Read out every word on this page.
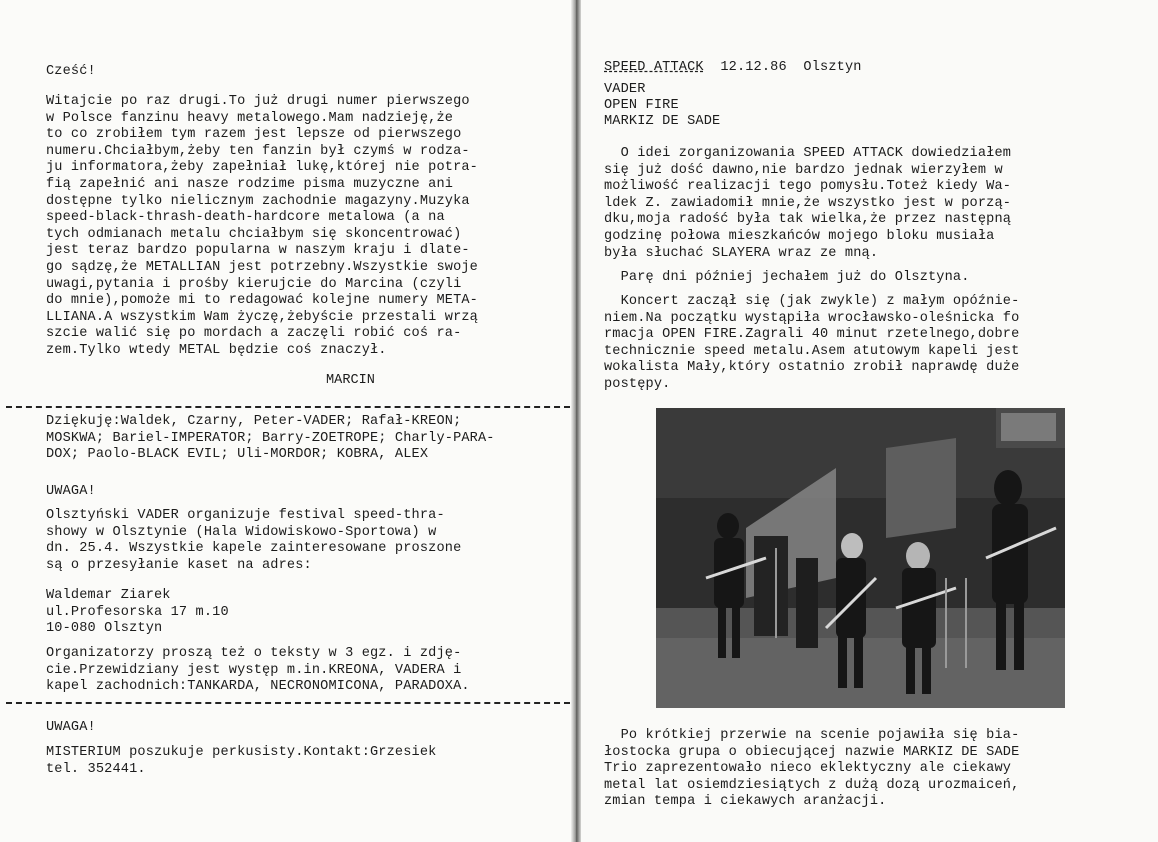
Cześć!
Witajcie po raz drugi.To już drugi numer pierwszego
w Polsce fanzinu heavy metalowego.Mam nadzieję,że
to co zrobiłem tym razem jest lepsze od pierwszego
numeru.Chciałbym,żeby ten fanzin był czymś w rodza-
ju informatora,żeby zapełniał lukę,której nie potra-
fią zapełnić ani nasze rodzime pisma muzyczne ani
dostępne tylko nielicznym zachodnie magazyny.Muzyka
speed-black-thrash-death-hardcore metalowa (a na
tych odmianach metalu chciałbym się skoncentrować)
jest teraz bardzo popularna w naszym kraju i dlate-
go sądzę,że METALLIAN jest potrzebny.Wszystkie swoje
uwagi,pytania i prośby kierujcie do Marcina (czyli
do mnie),pomoże mi to redagować kolejne numery META-
LLIANA.A wszystkim Wam życzę,żebyście przestali wrzą
szcie walić się po mordach a zaczęli robić coś ra-
zem.Tylko wtedy METAL będzie coś znaczył.
MARCIN
Dziękuję:Waldek, Czarny, Peter-VADER; Rafał-KREON;
MOSKWA; Bariel-IMPERATOR; Barry-ZOETROPE; Charly-PARA-
DOX; Paolo-BLACK EVIL; Uli-MORDOR; KOBRA, ALEX
UWAGA!
Olsztyński VADER organizuje festival speed-thra-
showy w Olsztynie (Hala Widowiskowo-Sportowa) w
dn. 25.4. Wszystkie kapele zainteresowane proszone
są o przesyłanie kaset na adres:
Waldemar Ziarek
ul.Profesorska 17 m.10
10-080 Olsztyn
Organizatorzy proszą też o teksty w 3 egz. i zdję-
cie.Przewidziany jest występ m.in.KREONA, VADERA i
kapel zachodnich:TANKARDA, NECRONOMICONA, PARADOXA.
UWAGA!
MISTERIUM poszukuje perkusisty.Kontakt:Grzesiek
tel. 352441.
SPEED ATTACK 12.12.86 Olsztyn
VADER
OPEN FIRE
MARKIZ DE SADE
O idei zorganizowania SPEED ATTACK dowiedziałem
się już dość dawno,nie bardzo jednak wierzyłem w
możliwość realizacji tego pomysłu.Toteż kiedy Wa-
ldek Z. zawiadomił mnie,że wszystko jest w porzą-
dku,moja radość była tak wielka,że przez następną
godzinę połowa mieszkańców mojego bloku musiała
była słuchać SLAYERA wraz ze mną.
Parę dni później jechałem już do Olsztyna.
Koncert zaczął się (jak zwykle) z małym opóźnie-
niem.Na początku wystąpiła wrocławsko-oleśnicka fo
rmacja OPEN FIRE.Zagrali 40 minut rzetelnego,dobre
technicznie speed metalu.Asem atutowym kapeli jest
wokalista Mały,który ostatnio zrobił naprawdę duże
postępy.
Po krótkiej przerwie na scenie pojawiła się bia-
łostocka grupa o obiecującej nazwie MARKIZ DE SADE
Trio zaprezentowało nieco eklektyczny ale ciekawy
metal lat osiemdziesiątych z dużą dozą urozmaiceń,
zmian tempa i ciekawych aranżacji.
